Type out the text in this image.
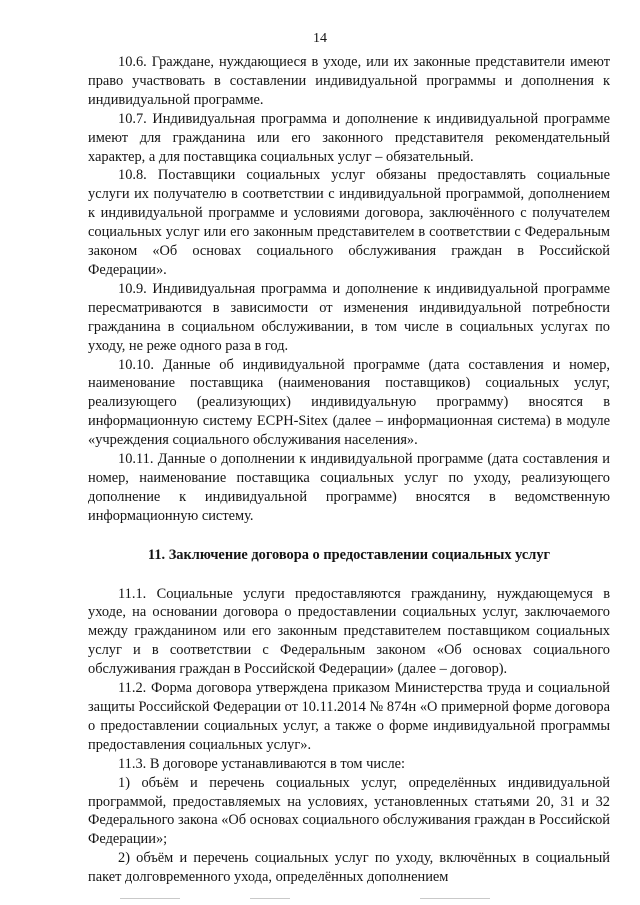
14

10.6. Граждане, нуждающиеся в уходе, или их законные представители имеют право участвовать в составлении индивидуальной программы и дополнения к индивидуальной программе.

10.7. Индивидуальная программа и дополнение к индивидуальной программе имеют для гражданина или его законного представителя рекомендательный характер, а для поставщика социальных услуг – обязательный.

10.8. Поставщики социальных услуг обязаны предоставлять социальные услуги их получателю в соответствии с индивидуальной программой, дополнением к индивидуальной программе и условиями договора, заключённого с получателем социальных услуг или его законным представителем в соответствии с Федеральным законом «Об основах социального обслуживания граждан в Российской Федерации».

10.9. Индивидуальная программа и дополнение к индивидуальной программе пересматриваются в зависимости от изменения индивидуальной потребности гражданина в социальном обслуживании, в том числе в социальных услугах по уходу, не реже одного раза в год.

10.10. Данные об индивидуальной программе (дата составления и номер, наименование поставщика (наименования поставщиков) социальных услуг, реализующего (реализующих) индивидуальную программу) вносятся в информационную систему ЕСРН-Sitex (далее – информационная система) в модуле «учреждения социального обслуживания населения».

10.11. Данные о дополнении к индивидуальной программе (дата составления и номер, наименование поставщика социальных услуг по уходу, реализующего дополнение к индивидуальной программе) вносятся в ведомственную информационную систему.

11. Заключение договора о предоставлении социальных услуг

11.1. Социальные услуги предоставляются гражданину, нуждающемуся в уходе, на основании договора о предоставлении социальных услуг, заключаемого между гражданином или его законным представителем поставщиком социальных услуг и в соответствии с Федеральным законом «Об основах социального обслуживания граждан в Российской Федерации» (далее – договор).

11.2. Форма договора утверждена приказом Министерства труда и социальной защиты Российской Федерации от 10.11.2014 № 874н «О примерной форме договора о предоставлении социальных услуг, а также о форме индивидуальной программы предоставления социальных услуг».

11.3. В договоре устанавливаются в том числе:

1) объём и перечень социальных услуг, определённых индивидуальной программой, предоставляемых на условиях, установленных статьями 20, 31 и 32 Федерального закона «Об основах социального обслуживания граждан в Российской Федерации»;

2) объём и перечень социальных услуг по уходу, включённых в социальный пакет долговременного ухода, определённых дополнением
